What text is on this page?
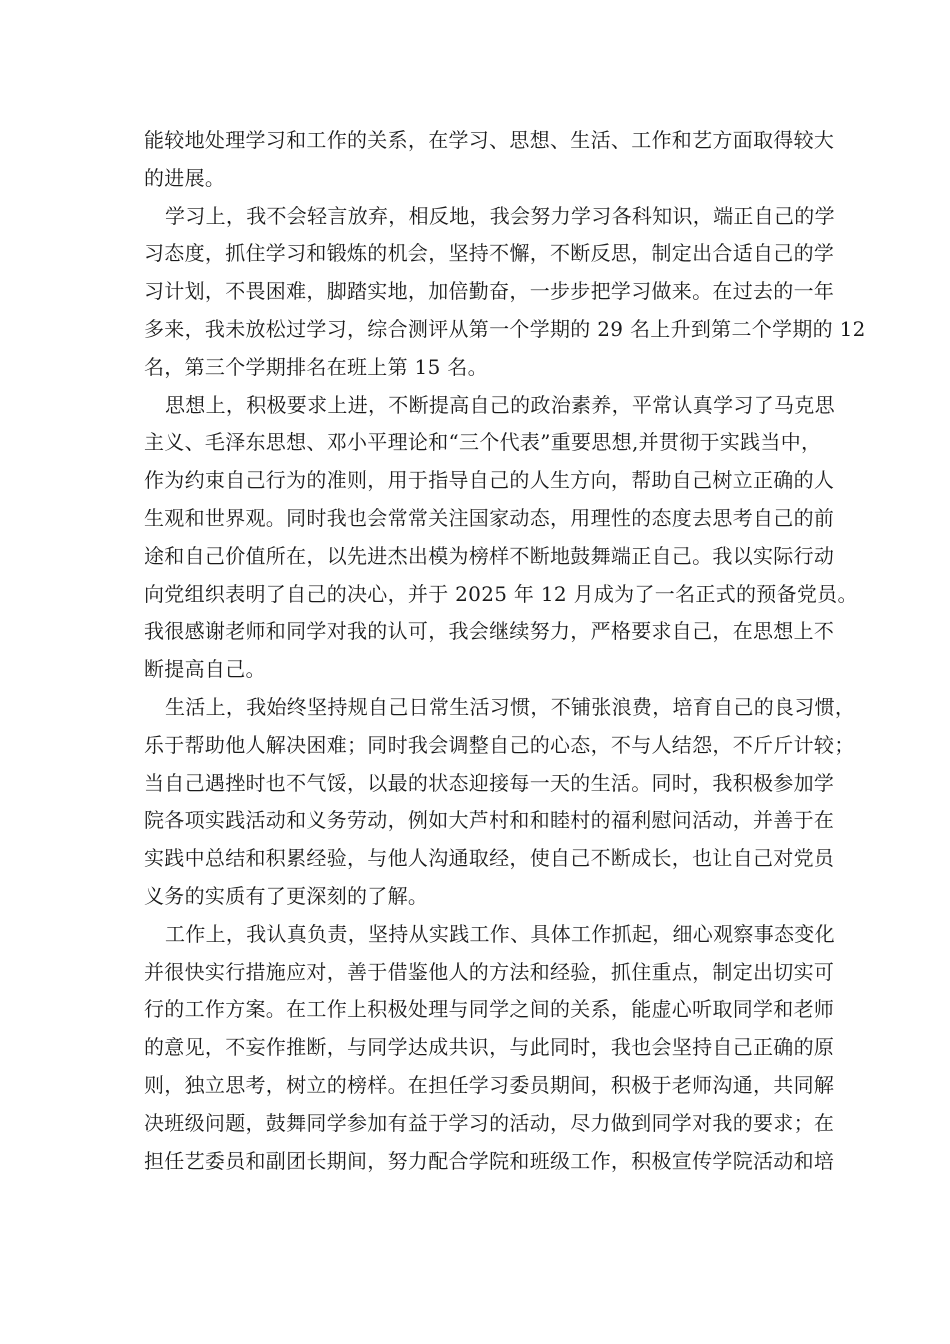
能较地处理学习和工作的关系，在学习、思想、生活、工作和艺方面取得较大
的进展。
学习上，我不会轻言放弃，相反地，我会努力学习各科知识，端正自己的学
习态度，抓住学习和锻炼的机会，坚持不懈，不断反思，制定出合适自己的学
习计划，不畏困难，脚踏实地，加倍勤奋，一步步把学习做来。在过去的一年
多来，我未放松过学习，综合测评从第一个学期的 29 名上升到第二个学期的 12
名，第三个学期排名在班上第 15 名。
思想上，积极要求上进，不断提高自己的政治素养，平常认真学习了马克思
主义、毛泽东思想、邓小平理论和“三个代表”重要思想,并贯彻于实践当中，
作为约束自己行为的准则，用于指导自己的人生方向，帮助自己树立正确的人
生观和世界观。同时我也会常常关注国家动态，用理性的态度去思考自己的前
途和自己价值所在，以先进杰出模为榜样不断地鼓舞端正自己。我以实际行动
向党组织表明了自己的决心，并于 2025 年 12 月成为了一名正式的预备党员。
我很感谢老师和同学对我的认可，我会继续努力，严格要求自己，在思想上不
断提高自己。
生活上，我始终坚持规自己日常生活习惯，不铺张浪费，培育自己的良习惯，
乐于帮助他人解决困难；同时我会调整自己的心态，不与人结怨，不斤斤计较；
当自己遇挫时也不气馁，以最的状态迎接每一天的生活。同时，我积极参加学
院各项实践活动和义务劳动，例如大芦村和和睦村的福利慰问活动，并善于在
实践中总结和积累经验，与他人沟通取经，使自己不断成长，也让自己对党员
义务的实质有了更深刻的了解。
工作上，我认真负责，坚持从实践工作、具体工作抓起，细心观察事态变化
并很快实行措施应对，善于借鉴他人的方法和经验，抓住重点，制定出切实可
行的工作方案。在工作上积极处理与同学之间的关系，能虚心听取同学和老师
的意见，不妄作推断，与同学达成共识，与此同时，我也会坚持自己正确的原
则，独立思考，树立的榜样。在担任学习委员期间，积极于老师沟通，共同解
决班级问题，鼓舞同学参加有益于学习的活动，尽力做到同学对我的要求；在
担任艺委员和副团长期间，努力配合学院和班级工作，积极宣传学院活动和培
